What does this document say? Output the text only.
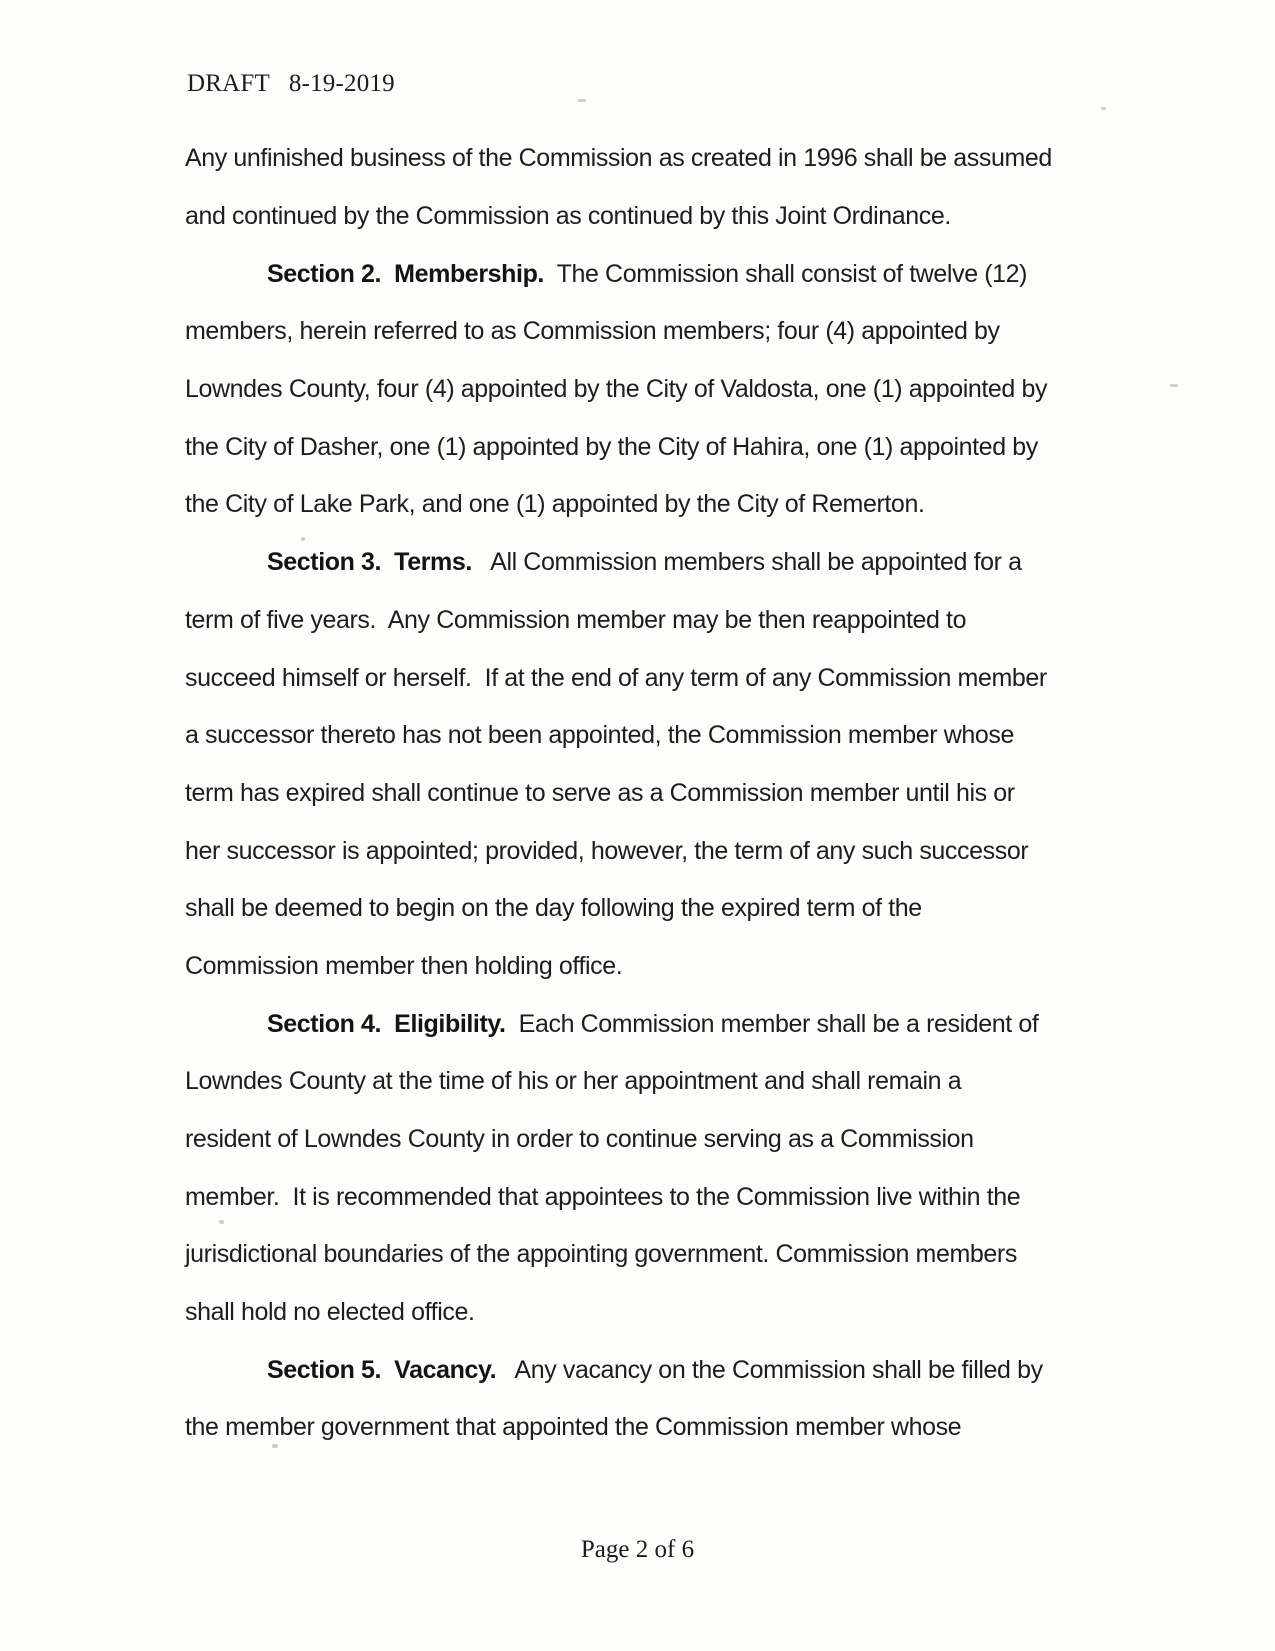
DRAFT   8-19-2019
Any unfinished business of the Commission as created in 1996 shall be assumed
and continued by the Commission as continued by this Joint Ordinance.
Section 2.  Membership. The Commission shall consist of twelve (12)
members, herein referred to as Commission members; four (4) appointed by
Lowndes County, four (4) appointed by the City of Valdosta, one (1) appointed by
the City of Dasher, one (1) appointed by the City of Hahira, one (1) appointed by
the City of Lake Park, and one (1) appointed by the City of Remerton.
Section 3.  Terms. All Commission members shall be appointed for a
term of five years.  Any Commission member may be then reappointed to
succeed himself or herself.  If at the end of any term of any Commission member
a successor thereto has not been appointed, the Commission member whose
term has expired shall continue to serve as a Commission member until his or
her successor is appointed; provided, however, the term of any such successor
shall be deemed to begin on the day following the expired term of the
Commission member then holding office.
Section 4.  Eligibility. Each Commission member shall be a resident of
Lowndes County at the time of his or her appointment and shall remain a
resident of Lowndes County in order to continue serving as a Commission
member.  It is recommended that appointees to the Commission live within the
jurisdictional boundaries of the appointing government. Commission members
shall hold no elected office.
Section 5.  Vacancy. Any vacancy on the Commission shall be filled by
the member government that appointed the Commission member whose
Page 2 of 6
